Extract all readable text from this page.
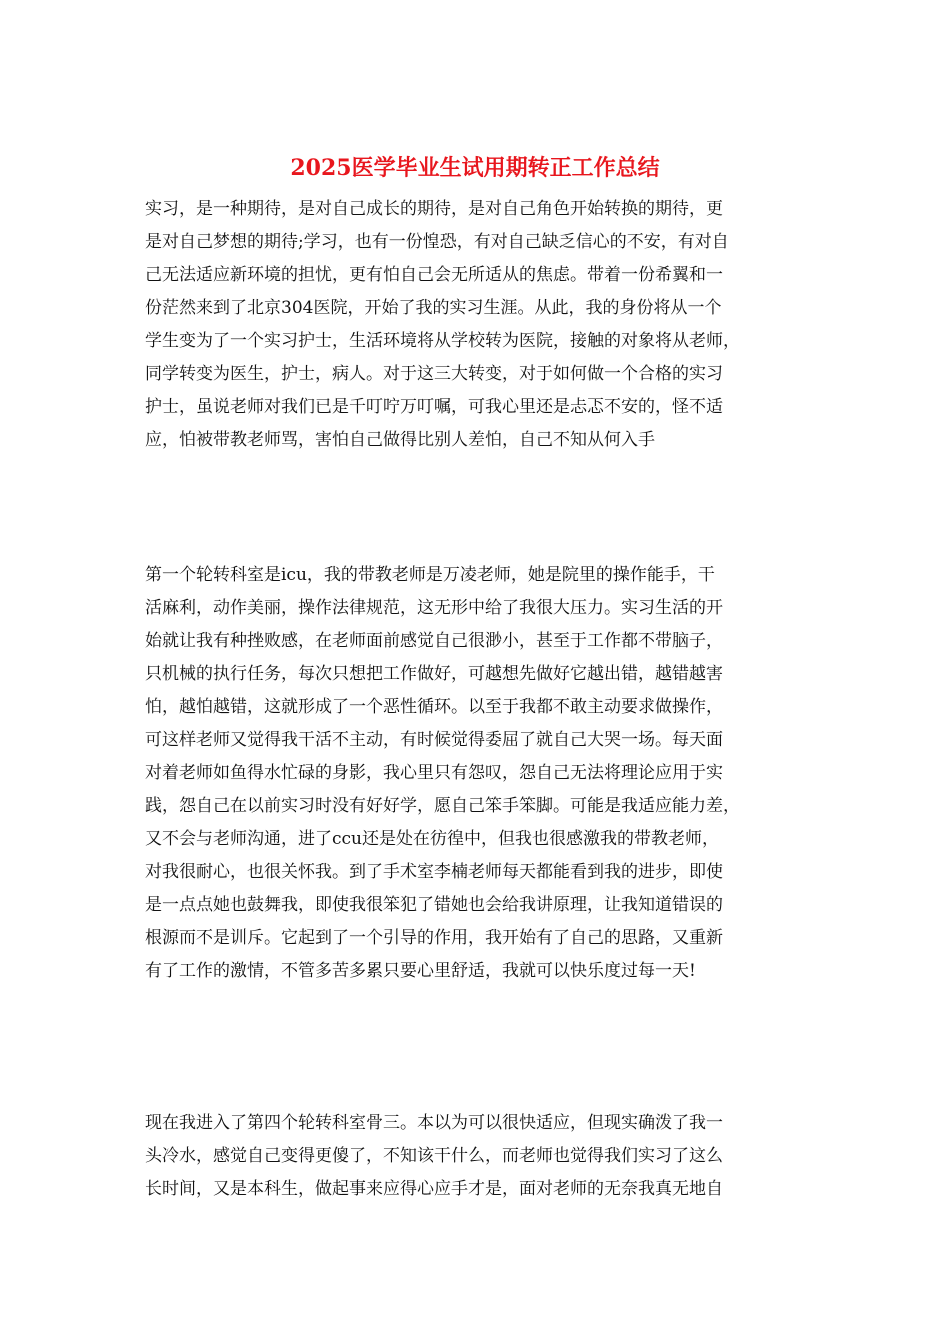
2025医学毕业生试用期转正工作总结
实习，是一种期待，是对自己成长的期待，是对自己角色开始转换的期待，更
是对自己梦想的期待;学习，也有一份惶恐，有对自己缺乏信心的不安，有对自
己无法适应新环境的担忧，更有怕自己会无所适从的焦虑。带着一份希翼和一
份茫然来到了北京304医院，开始了我的实习生涯。从此，我的身份将从一个
学生变为了一个实习护士，生活环境将从学校转为医院，接触的对象将从老师，
同学转变为医生，护士，病人。对于这三大转变，对于如何做一个合格的实习
护士，虽说老师对我们已是千叮咛万叮嘱，可我心里还是忐忑不安的，怪不适
应，怕被带教老师骂，害怕自己做得比别人差怕，自己不知从何入手
第一个轮转科室是icu，我的带教老师是万凌老师，她是院里的操作能手，干
活麻利，动作美丽，操作法律规范，这无形中给了我很大压力。实习生活的开
始就让我有种挫败感，在老师面前感觉自己很渺小，甚至于工作都不带脑子，
只机械的执行任务，每次只想把工作做好，可越想先做好它越出错，越错越害
怕，越怕越错，这就形成了一个恶性循环。以至于我都不敢主动要求做操作，
可这样老师又觉得我干活不主动，有时候觉得委屈了就自己大哭一场。每天面
对着老师如鱼得水忙碌的身影，我心里只有怨叹，怨自己无法将理论应用于实
践，怨自己在以前实习时没有好好学，愿自己笨手笨脚。可能是我适应能力差，
又不会与老师沟通，进了ccu还是处在彷徨中，但我也很感激我的带教老师，
对我很耐心，也很关怀我。到了手术室李楠老师每天都能看到我的进步，即使
是一点点她也鼓舞我，即使我很笨犯了错她也会给我讲原理，让我知道错误的
根源而不是训斥。它起到了一个引导的作用，我开始有了自己的思路，又重新
有了工作的激情，不管多苦多累只要心里舒适，我就可以快乐度过每一天!
现在我进入了第四个轮转科室骨三。本以为可以很快适应，但现实确泼了我一
头冷水，感觉自己变得更傻了，不知该干什么，而老师也觉得我们实习了这么
长时间，又是本科生，做起事来应得心应手才是，面对老师的无奈我真无地自
